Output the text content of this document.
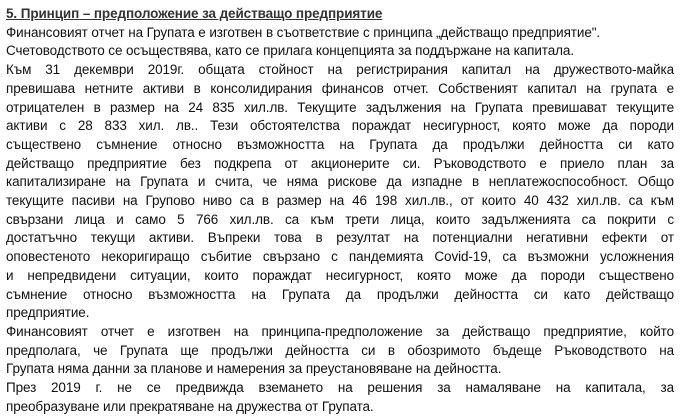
5. Принцип – предположение за действащо предприятие
Финансовият отчет на Групата е изготвен в съответствие с принципа „действащо предприятие".
Счетоводството се осъществява, като се прилага концепцията за поддържане на капитала.
Към 31 декември 2019г. общата стойност на регистрирания капитал на дружеството-майка
превишава нетните активи в консолидирания финансов отчет. Собственият капитал на групата е
отрицателен в размер на 24 835 хил.лв. Текущите задължения на Групата превишават текущите
активи с 28 833 хил. лв.. Тези обстоятелства пораждат несигурност, която може да породи
съществено съмнение относно възможността на Групата да продължи дейността си като
действащо предприятие без подкрепа от акционерите си. Ръководството е приело план за
капитализиране на Групата и счита, че няма рискове да изпадне в неплатежоспособност. Общо
текущите пасиви на Групово ниво са в размер на 46 198 хил.лв., от които 40 432 хил.лв. са към
свързани лица и само 5 766 хил.лв. са към трети лица, които задълженията са покрити с
достатъчно текущи активи. Въпреки това в резултат на потенциални негативни ефекти от
оповестеното некоригиращо събитие свързано с пандемията Covid-19, са възможни усложнения
и непредвидени ситуации, които пораждат несигурност, която може да породи съществено
съмнение относно възможността на Групата да продължи дейността си като действащо
предприятие.
Финансовият отчет е изготвен на принципа-предположение за действащо предприятие, който
предполага, че Групата ще продължи дейността си в обозримото бъдеще Ръководството на
Групата няма данни за планове и намерения за преустановяване на дейността.
През 2019 г. не се предвижда вземането на решения за намаляване на капитала, за
преобразуване или прекратяване на дружества от Групата.
